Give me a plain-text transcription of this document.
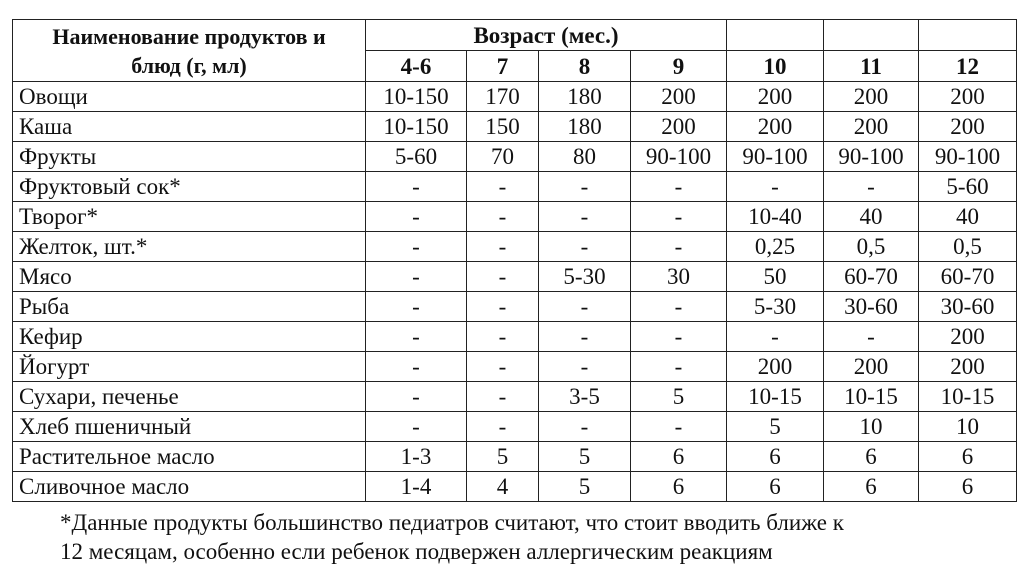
Наименование продуктов и
блюд (г, мл)	Возраст (мес.)						
	4-6	7	8	9	10	11	12
Овощи	10-150	170	180	200	200	200	200
Каша	10-150	150	180	200	200	200	200
Фрукты	5-60	70	80	90-100	90-100	90-100	90-100
Фруктовый сок*	-	-	-	-	-	-	5-60
Творог*	-	-	-	-	10-40	40	40
Желток, шт.*	-	-	-	-	0,25	0,5	0,5
Мясо	-	-	5-30	30	50	60-70	60-70
Рыба	-	-	-	-	5-30	30-60	30-60
Кефир	-	-	-	-	-	-	200
Йогурт	-	-	-	-	200	200	200
Сухари, печенье	-	-	3-5	5	10-15	10-15	10-15
Хлеб пшеничный	-	-	-	-	5	10	10
Растительное масло	1-3	5	5	6	6	6	6
Сливочное масло	1-4	4	5	6	6	6	6
*Данные продукты большинство педиатров считают, что стоит вводить ближе к
12 месяцам, особенно если ребенок подвержен аллергическим реакциям
